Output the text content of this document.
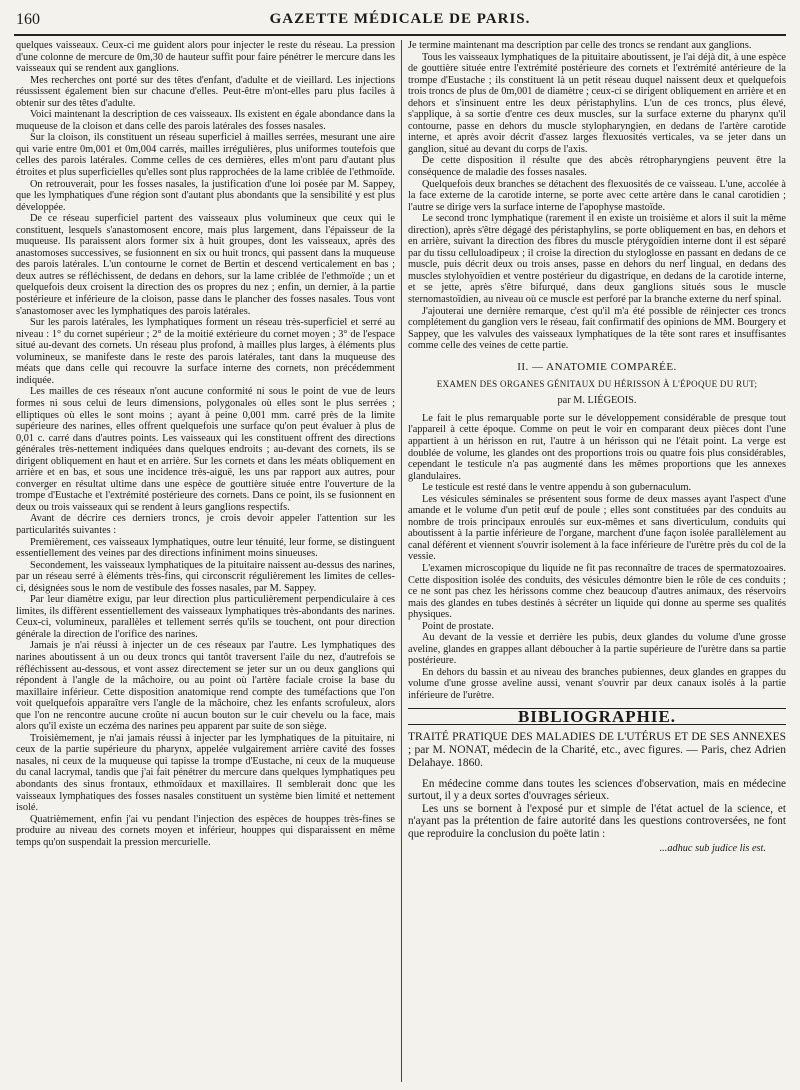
160	GAZETTE MÉDICALE DE PARIS.

quelques vaisseaux. Ceux-ci me guident alors pour injecter le reste du réseau. La pression d'une colonne de mercure de 0m,30 de hauteur suffit pour faire pénétrer le mercure dans les vaisseaux qui se rendent aux ganglions.

Mes recherches ont porté sur des têtes d'enfant, d'adulte et de vieillard. Les injections réussissent également bien sur chacune d'elles. Peut-être m'ont-elles paru plus faciles à obtenir sur des têtes d'adulte.

Voici maintenant la description de ces vaisseaux. Ils existent en égale abondance dans la muqueuse de la cloison et dans celle des parois latérales des fosses nasales.

Sur la cloison, ils constituent un réseau superficiel à mailles serrées, mesurant une aire qui varie entre 0m,001 et 0m,004 carrés, mailles irrégulières, plus uniformes toutefois que celles des parois latérales. Comme celles de ces dernières, elles m'ont paru d'autant plus étroites et plus superficielles qu'elles sont plus rapprochées de la lame criblée de l'ethmoïde.

On retrouverait, pour les fosses nasales, la justification d'une loi posée par M. Sappey, que les lymphatiques d'une région sont d'autant plus abondants que la sensibilité y est plus développée.

De ce réseau superficiel partent des vaisseaux plus volumineux que ceux qui le constituent, lesquels s'anastomosent encore, mais plus largement, dans l'épaisseur de la muqueuse. Ils paraissent alors former six à huit groupes, dont les vaisseaux, après des anastomoses successives, se fusionnent en six ou huit troncs, qui passent dans la muqueuse des parois latérales. L'un contourne le cornet de Bertin et descend verticalement en bas ; deux autres se réfléchissent, de dedans en dehors, sur la lame criblée de l'ethmoïde ; un et quelquefois deux croisent la direction des os propres du nez ; enfin, un dernier, à la partie postérieure et inférieure de la cloison, passe dans le plancher des fosses nasales. Tous vont s'anastomoser avec les lymphatiques des parois latérales.

Sur les parois latérales, les lymphatiques forment un réseau très-superficiel et serré au niveau : 1° du cornet supérieur ; 2° de la moitié extérieure du cornet moyen ; 3° de l'espace situé au-devant des cornets. Un réseau plus profond, à mailles plus larges, à éléments plus volumineux, se manifeste dans le reste des parois latérales, tant dans la muqueuse des méats que dans celle qui recouvre la surface interne des cornets, non précédemment indiquée.

Les mailles de ces réseaux n'ont aucune conformité ni sous le point de vue de leurs formes ni sous celui de leurs dimensions, polygonales où elles sont le plus serrées ; elliptiques où elles le sont moins ; ayant à peine 0,001 mm. carré près de la limite supérieure des narines, elles offrent quelquefois une surface qu'on peut évaluer à plus de 0,01 c. carré dans d'autres points. Les vaisseaux qui les constituent offrent des directions générales très-nettement indiquées dans quelques endroits ; au-devant des cornets, ils se dirigent obliquement en haut et en arrière. Sur les cornets et dans les méats obliquement en arrière et en bas, et sous une incidence très-aiguë, les uns par rapport aux autres, pour converger en résultat ultime dans une espèce de gouttière située entre l'ouverture de la trompe d'Eustache et l'extrémité postérieure des cornets. Dans ce point, ils se fusionnent en deux ou trois vaisseaux qui se rendent à leurs ganglions respectifs.

Avant de décrire ces derniers troncs, je crois devoir appeler l'attention sur les particularités suivantes :

Premièrement, ces vaisseaux lymphatiques, outre leur ténuité, leur forme, se distinguent essentiellement des veines par des directions infiniment moins sinueuses.

Secondement, les vaisseaux lymphatiques de la pituitaire naissent au-dessus des narines, par un réseau serré à éléments très-fins, qui circonscrit régulièrement les limites de celles-ci, désignées sous le nom de vestibule des fosses nasales, par M. Sappey.

Par leur diamètre exigu, par leur direction plus particulièrement perpendiculaire à ces limites, ils diffèrent essentiellement des vaisseaux lymphatiques très-abondants des narines. Ceux-ci, volumineux, parallèles et tellement serrés qu'ils se touchent, ont pour direction générale la direction de l'orifice des narines.

Jamais je n'ai réussi à injecter un de ces réseaux par l'autre. Les lymphatiques des narines aboutissent à un ou deux troncs qui tantôt traversent l'aile du nez, d'autrefois se réfléchissent au-dessous, et vont assez directement se jeter sur un ou deux ganglions qui répondent à l'angle de la mâchoire, ou au point où l'artère faciale croise la base du maxillaire inférieur. Cette disposition anatomique rend compte des tuméfactions que l'on voit quelquefois apparaître vers l'angle de la mâchoire, chez les enfants scrofuleux, alors que l'on ne rencontre aucune croûte ni aucun bouton sur le cuir chevelu ou la face, mais alors qu'il existe un eczéma des narines peu apparent par suite de son siège.

Troisièmement, je n'ai jamais réussi à injecter par les lymphatiques de la pituitaire, ni ceux de la partie supérieure du pharynx, appelée vulgairement arrière cavité des fosses nasales, ni ceux de la muqueuse qui tapisse la trompe d'Eustache, ni ceux de la muqueuse du canal lacrymal, tandis que j'ai fait pénétrer du mercure dans quelques lymphatiques peu abondants des sinus frontaux, ethmoïdaux et maxillaires. Il semblerait donc que les vaisseaux lymphatiques des fosses nasales constituent un système bien limité et nettement isolé.

Quatrièmement, enfin j'ai vu pendant l'injection des espèces de houppes très-fines se produire au niveau des cornets moyen et inférieur, houppes qui disparaissent en même temps qu'on suspendait la pression mercurielle.

Je termine maintenant ma description par celle des troncs se rendant aux ganglions.

Tous les vaisseaux lymphatiques de la pituitaire aboutissent, je l'ai déjà dit, à une espèce de gouttière située entre l'extrémité postérieure des cornets et l'extrémité antérieure de la trompe d'Eustache ; ils constituent là un petit réseau duquel naissent deux et quelquefois trois troncs de plus de 0m,001 de diamètre ; ceux-ci se dirigent obliquement en arrière et en dehors et s'insinuent entre les deux péristaphylins. L'un de ces troncs, plus élevé, s'applique, à sa sortie d'entre ces deux muscles, sur la surface externe du pharynx qu'il contourne, passe en dehors du muscle stylopharyngien, en dedans de l'artère carotide interne, et après avoir décrit d'assez larges flexuosités verticales, va se jeter dans un ganglion, situé au devant du corps de l'axis.

De cette disposition il résulte que des abcès rétropharyngiens peuvent être la conséquence de maladie des fosses nasales.

Quelquefois deux branches se détachent des flexuosités de ce vaisseau. L'une, accolée à la face externe de la carotide interne, se porte avec cette artère dans le canal carotidien ; l'autre se dirige vers la surface interne de l'apophyse mastoïde.

Le second tronc lymphatique (rarement il en existe un troisième et alors il suit la même direction), après s'être dégagé des péristaphylins, se porte obliquement en bas, en dehors et en arrière, suivant la direction des fibres du muscle ptérygoïdien interne dont il est séparé par du tissu celluloadipeux ; il croise la direction du styloglosse en passant en dedans de ce muscle, puis décrit deux ou trois anses, passe en dehors du nerf lingual, en dedans des muscles stylohyoïdien et ventre postérieur du digastrique, en dedans de la carotide interne, et se jette, après s'être bifurqué, dans deux ganglions situés sous le muscle sternomastoïdien, au niveau où ce muscle est perforé par la branche externe du nerf spinal.

J'ajouterai une dernière remarque, c'est qu'il m'a été possible de réinjecter ces troncs complétement du ganglion vers le réseau, fait confirmatif des opinions de MM. Bourgery et Sappey, que les valvules des vaisseaux lymphatiques de la tête sont rares et insuffisantes comme celle des veines de cette partie.

II. — ANATOMIE COMPARÉE.
EXAMEN DES ORGANES GÉNITAUX DU HÉRISSON À L'ÉPOQUE DU RUT;
par M. LIÉGEOIS.

Le fait le plus remarquable porte sur le développement considérable de presque tout l'appareil à cette époque. Comme on peut le voir en comparant deux pièces dont l'une appartient à un hérisson en rut, l'autre à un hérisson qui ne l'était point. La verge est doublée de volume, les glandes ont des proportions trois ou quatre fois plus considérables, cependant le testicule n'a pas augmenté dans les mêmes proportions que les annexes glandulaires.

Le testicule est resté dans le ventre appendu à son gubernaculum.

Les vésicules séminales se présentent sous forme de deux masses ayant l'aspect d'une amande et le volume d'un petit œuf de poule ; elles sont constituées par des conduits au nombre de trois principaux enroulés sur eux-mêmes et sans diverticulum, conduits qui aboutissent à la partie inférieure de l'organe, marchent d'une façon isolée parallèlement au canal déférent et viennent s'ouvrir isolement à la face inférieure de l'urètre près du col de la vessie.

L'examen microscopique du liquide ne fit pas reconnaître de traces de spermatozoaires. Cette disposition isolée des conduits, des vésicules démontre bien le rôle de ces conduits ; ce ne sont pas chez les hérissons comme chez beaucoup d'autres animaux, des réservoirs mais des glandes en tubes destinés à sécréter un liquide qui donne au sperme ses qualités physiques.

Point de prostate.

Au devant de la vessie et derrière les pubis, deux glandes du volume d'une grosse aveline, glandes en grappes allant déboucher à la partie supérieure de l'urètre dans sa partie postérieure.

En dehors du bassin et au niveau des branches pubiennes, deux glandes en grappes du volume d'une grosse aveline aussi, venant s'ouvrir par deux canaux isolés à la partie inférieure de l'urètre.

BIBLIOGRAPHIE.
TRAITÉ PRATIQUE DES MALADIES DE L'UTÉRUS ET DE SES ANNEXES ; par M. NONAT, médecin de la Charité, etc., avec figures. — Paris, chez Adrien Delahaye. 1860.

En médecine comme dans toutes les sciences d'observation, mais en médecine surtout, il y a deux sortes d'ouvrages sérieux.

Les uns se bornent à l'exposé pur et simple de l'état actuel de la science, et n'ayant pas la prétention de faire autorité dans les questions controversées, ne font que reproduire la conclusion du poëte latin :

...adhuc sub judice lis est.
